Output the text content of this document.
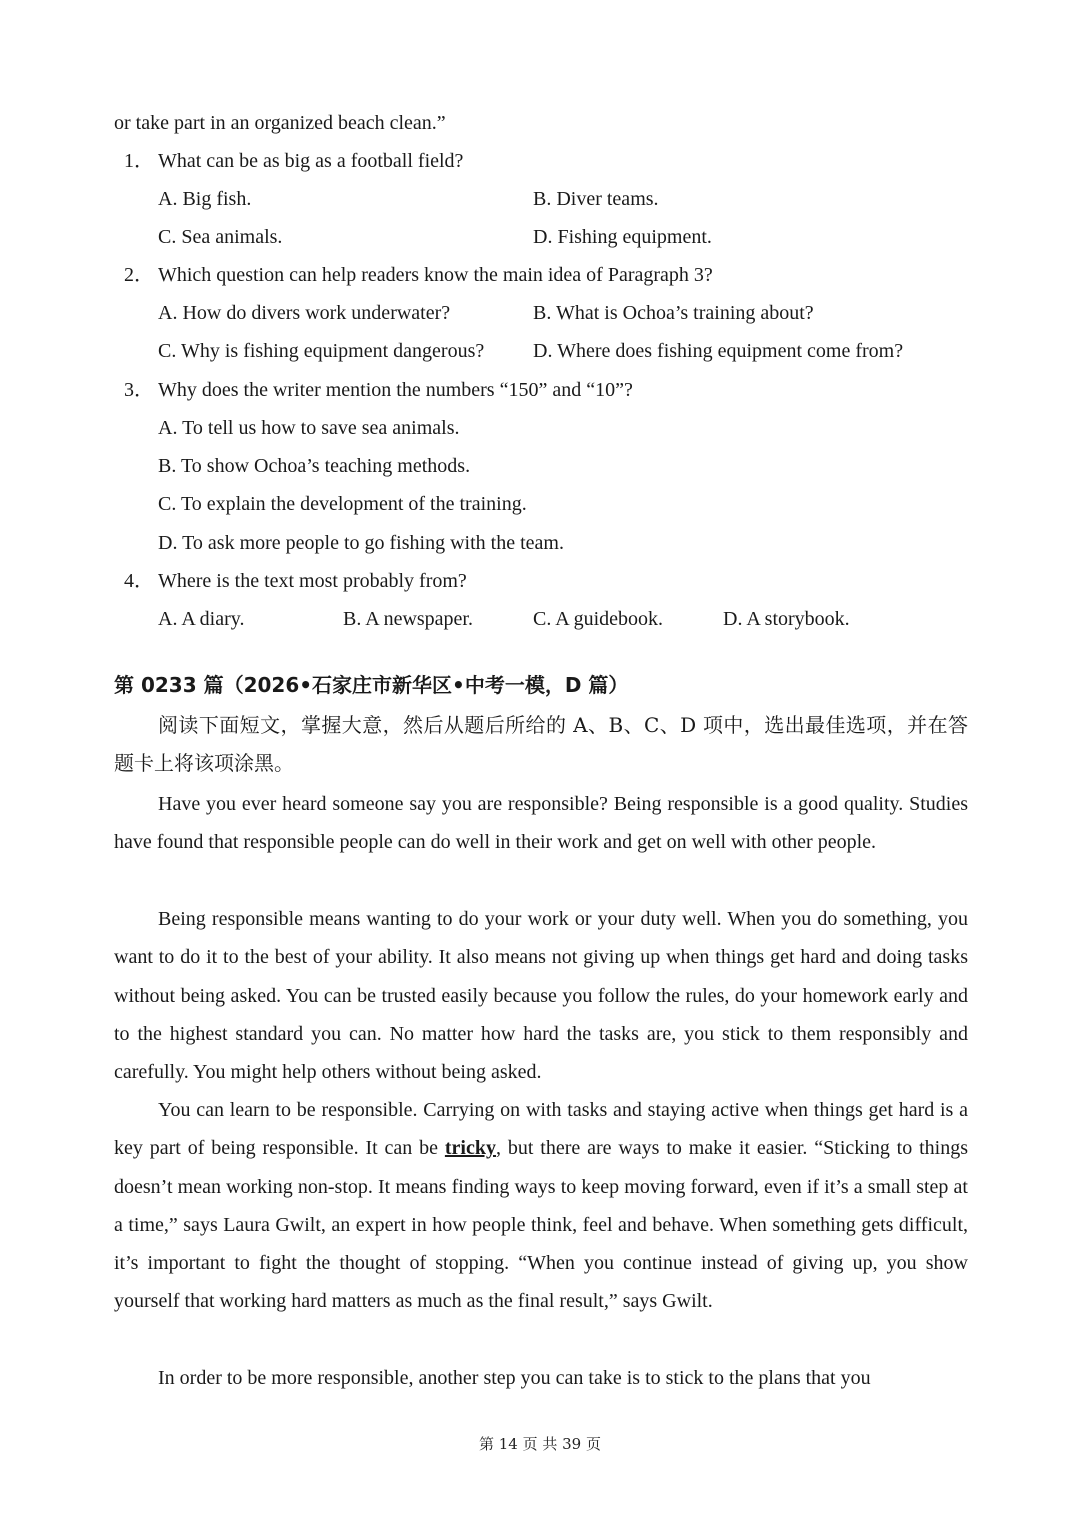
or take part in an organized beach clean.”
1． What can be as big as a football field?
A. Big fish.	B. Diver teams.
C. Sea animals.	D. Fishing equipment.
2． Which question can help readers know the main idea of Paragraph 3?
A. How do divers work underwater?	B. What is Ochoa’s training about?
C. Why is fishing equipment dangerous? D. Where does fishing equipment come from?
3． Why does the writer mention the numbers “150” and “10”?
A. To tell us how to save sea animals.
B. To show Ochoa’s teaching methods.
C. To explain the development of the training.
D. To ask more people to go fishing with the team.
4． Where is the text most probably from?
A. A diary.	B. A newspaper.	C. A guidebook.	D. A storybook.
第 0233 篇（2026•石家庄市新华区•中考一模，D 篇）
阅读下面短文，掌握大意，然后从题后所给的 A、B、C、D 项中，选出最佳选项，并在答题卡上将该项涂黑。
Have you ever heard someone say you are responsible? Being responsible is a good quality. Studies have found that responsible people can do well in their work and get on well with other people.
Being responsible means wanting to do your work or your duty well. When you do something, you want to do it to the best of your ability. It also means not giving up when things get hard and doing tasks without being asked. You can be trusted easily because you follow the rules, do your homework early and to the highest standard you can. No matter how hard the tasks are, you stick to them responsibly and carefully. You might help others without being asked.
You can learn to be responsible. Carrying on with tasks and staying active when things get hard is a key part of being responsible. It can be tricky, but there are ways to make it easier. “Sticking to things doesn’t mean working non-stop. It means finding ways to keep moving forward, even if it’s a small step at a time,” says Laura Gwilt, an expert in how people think, feel and behave. When something gets difficult, it’s important to fight the thought of stopping. “When you continue instead of giving up, you show yourself that working hard matters as much as the final result,” says Gwilt.
In order to be more responsible, another step you can take is to stick to the plans that you
第 14 页 共 39 页
